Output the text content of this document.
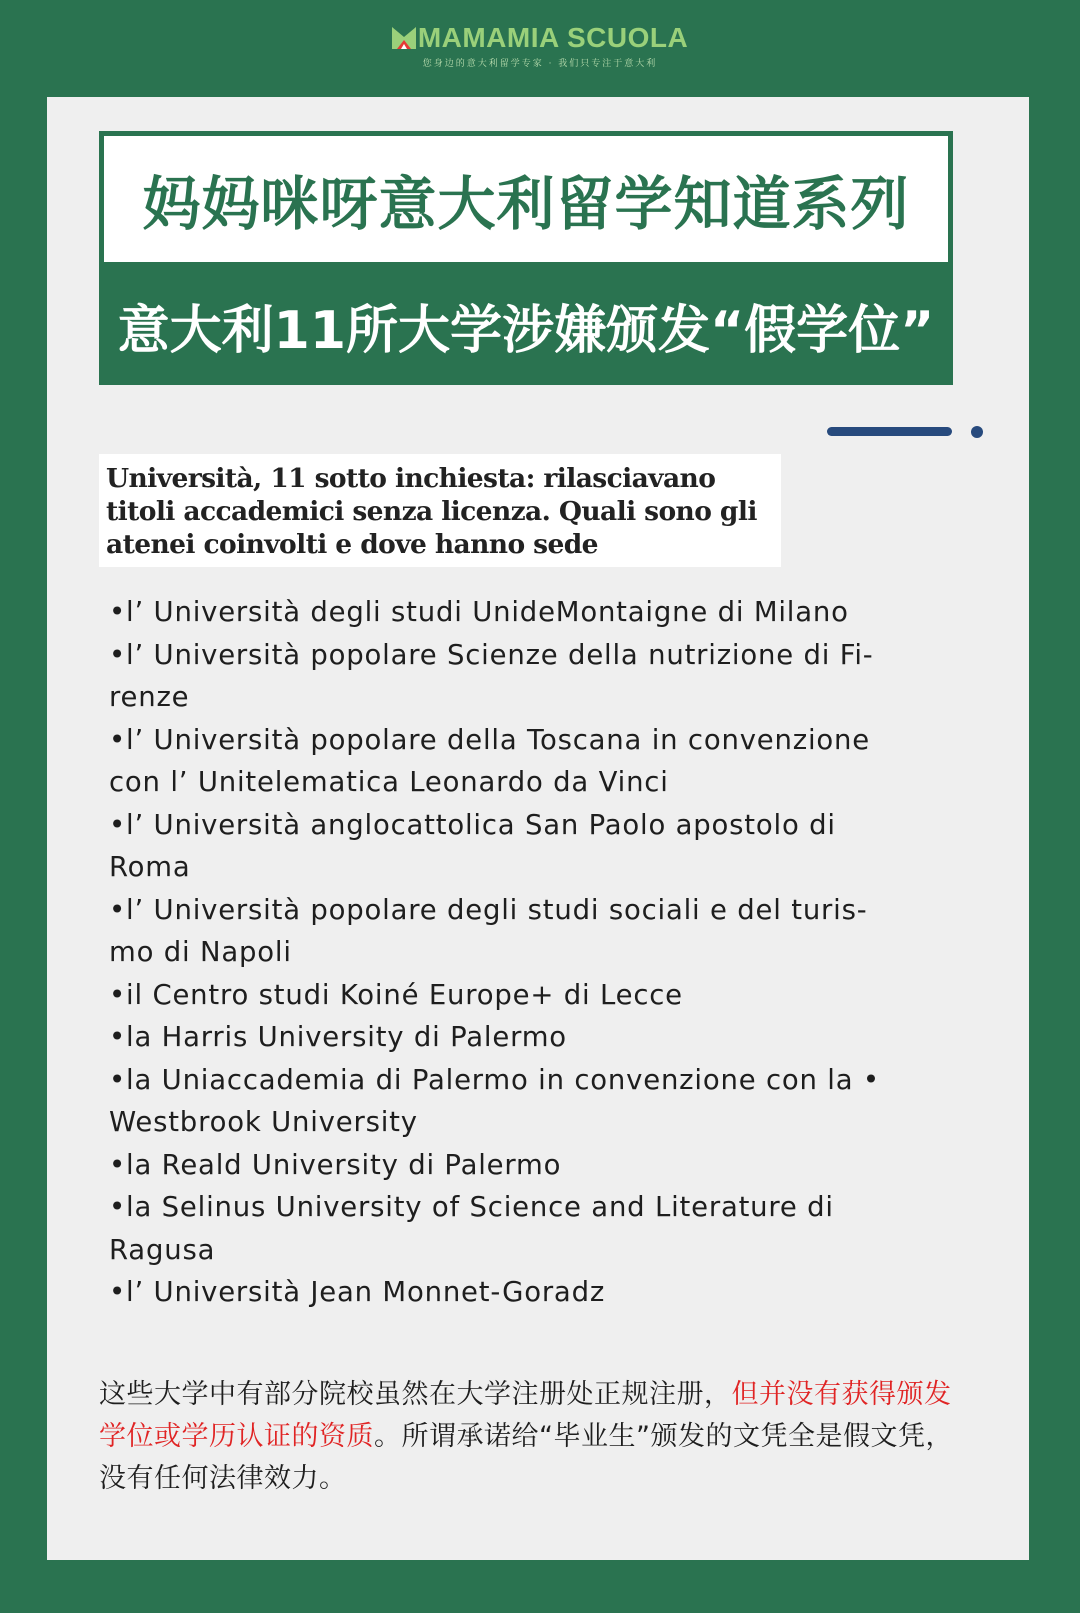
MAMAMIA SCUOLA
您身边的意大利留学专家 · 我们只专注于意大利
妈妈咪呀意大利留学知道系列
意大利11所大学涉嫌颁发“假学位”
Università, 11 sotto inchiesta: rilasciavano titoli accademici senza licenza. Quali sono gli atenei coinvolti e dove hanno sede
•l’ Università degli studi UnideMontaigne di Milano
•l’ Università popolare Scienze della nutrizione di Fi-renze
•l’ Università popolare della Toscana in convenzione con l’ Unitelematica Leonardo da Vinci
•l’ Università anglocattolica San Paolo apostolo di Roma
•l’ Università popolare degli studi sociali e del turis-mo di Napoli
•il Centro studi Koiné Europe+ di Lecce
•la Harris University di Palermo
•la Uniaccademia di Palermo in convenzione con la • Westbrook University
•la Reald University di Palermo
•la Selinus University of Science and Literature di Ragusa
•l’ Università Jean Monnet-Goradz

这些大学中有部分院校虽然在大学注册处正规注册，但并没有获得颁发学位或学历认证的资质。所谓承诺给“毕业生”颁发的文凭全是假文凭，没有任何法律效力。
